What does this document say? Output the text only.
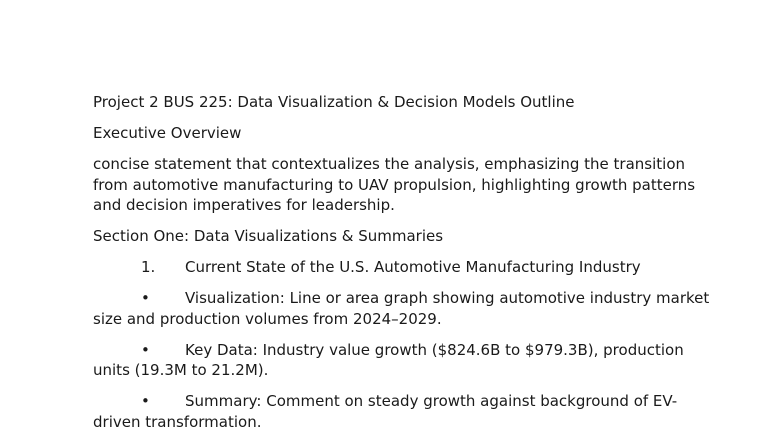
Project 2 BUS 225: Data Visualization & Decision Models Outline

Executive Overview

concise statement that contextualizes the analysis, emphasizing the transition from automotive manufacturing to UAV propulsion, highlighting growth patterns and decision imperatives for leadership.

Section One: Data Visualizations & Summaries

1. Current State of the U.S. Automotive Manufacturing Industry

• Visualization: Line or area graph showing automotive industry market size and production volumes from 2024–2029.

• Key Data: Industry value growth ($824.6B to $979.3B), production units (19.3M to 21.2M).

• Summary: Comment on steady growth against background of EV-driven transformation.
